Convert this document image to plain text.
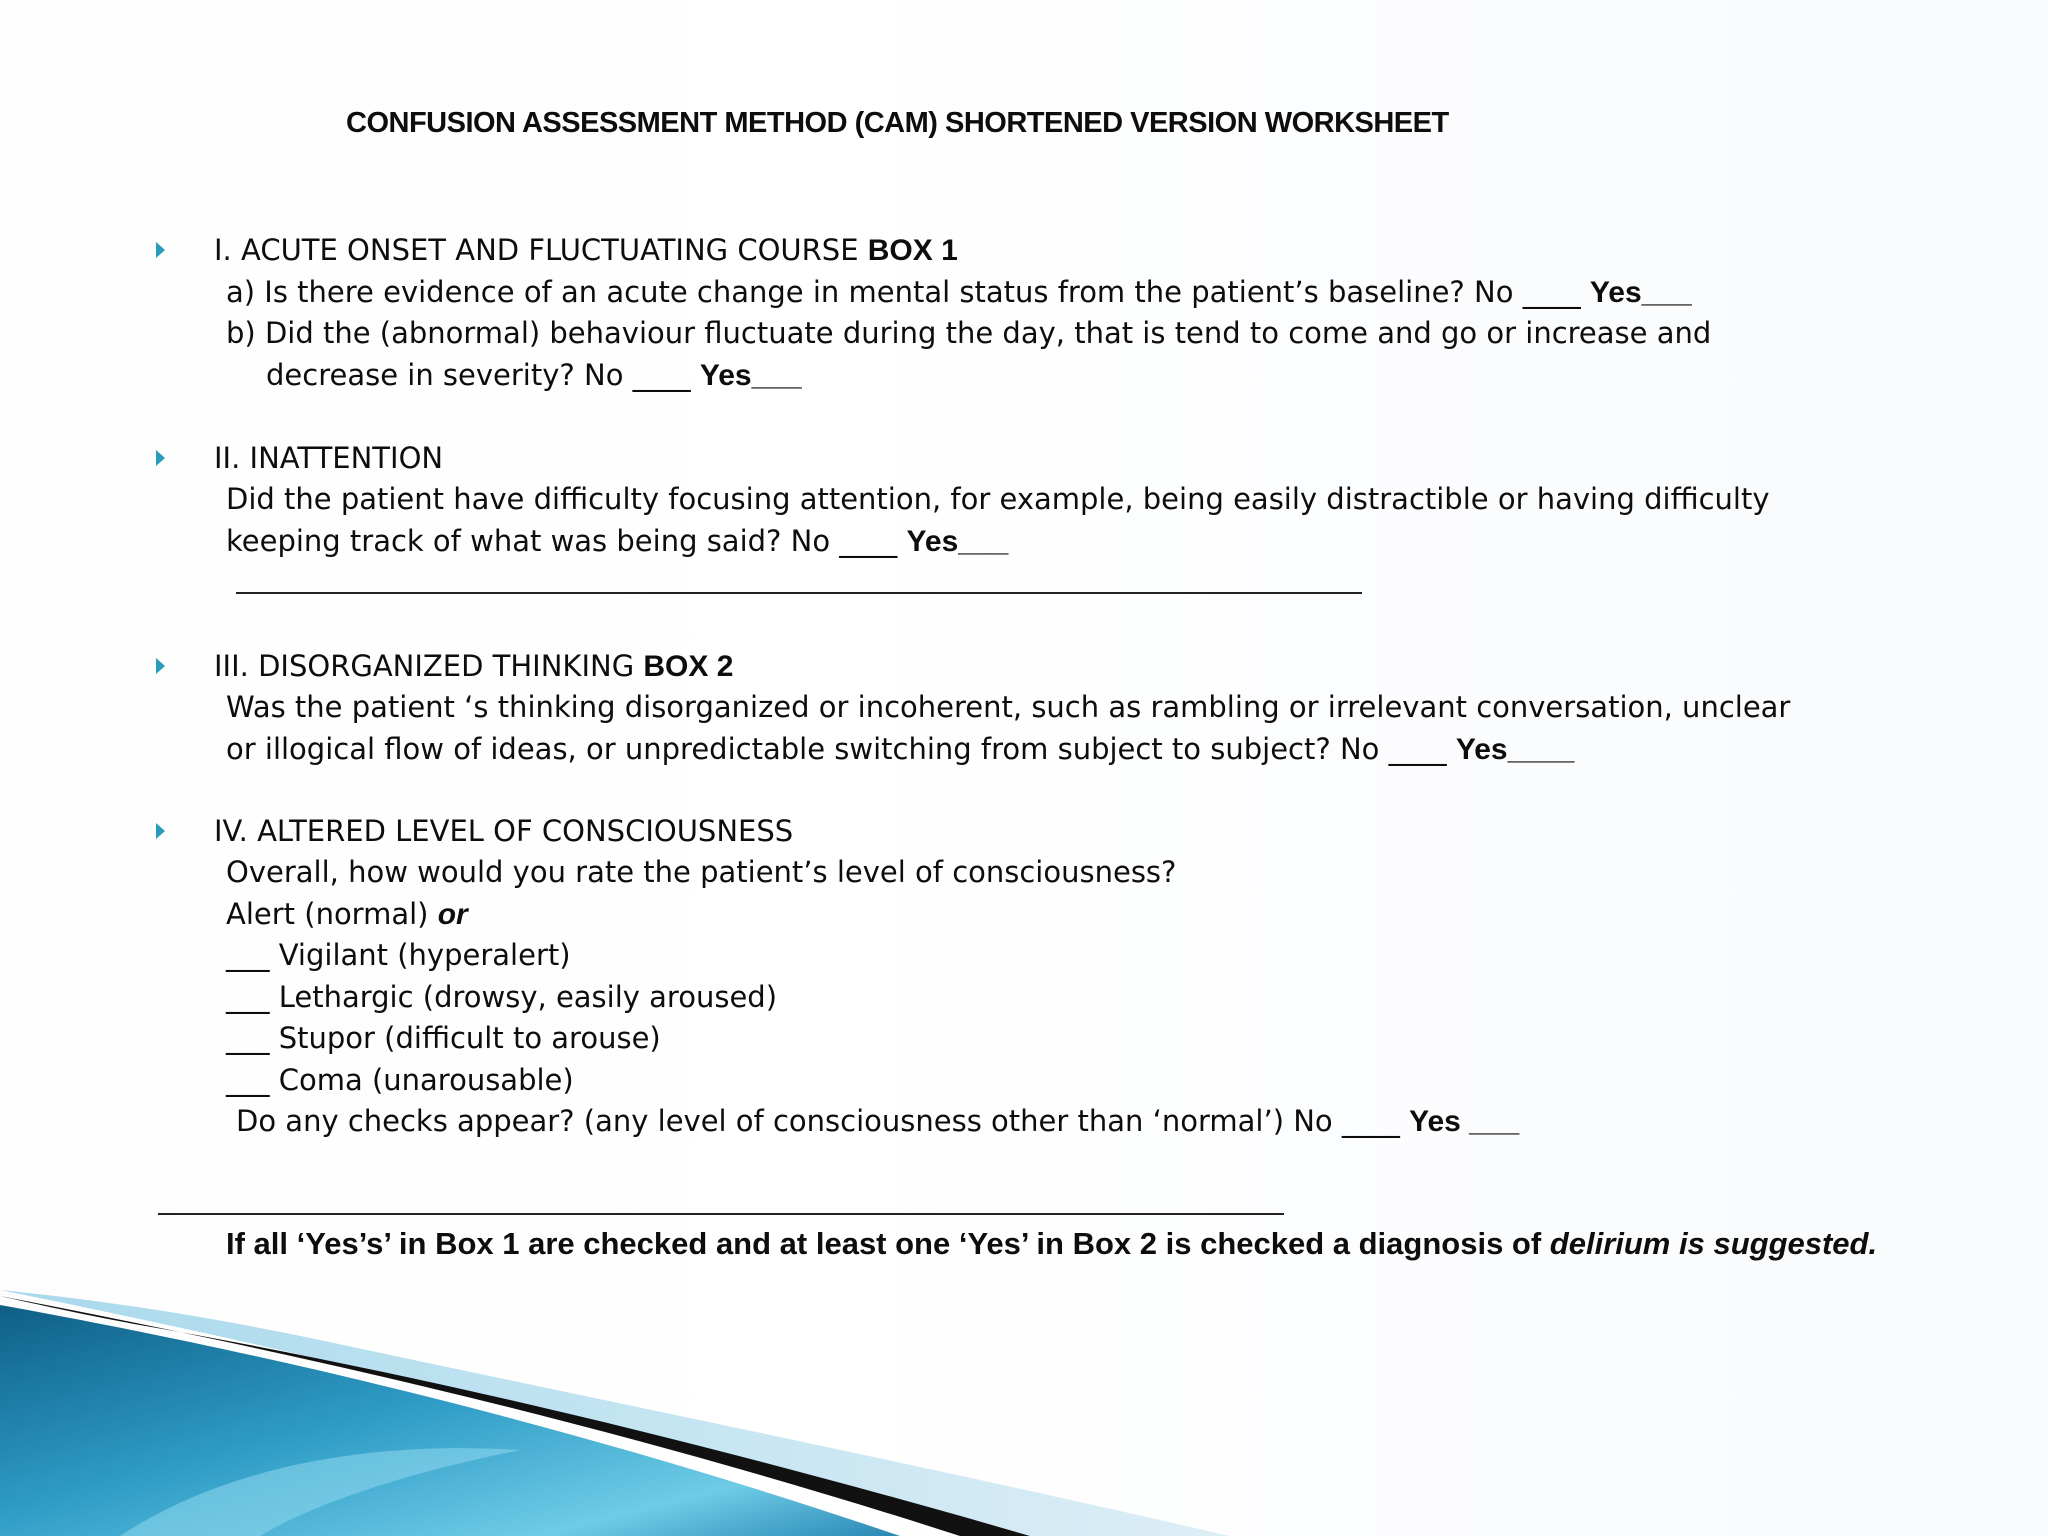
CONFUSION ASSESSMENT METHOD (CAM) SHORTENED VERSION WORKSHEET
I. ACUTE ONSET AND FLUCTUATING COURSE BOX 1
a) Is there evidence of an acute change in mental status from the patient’s baseline? No ____ Yes___
b) Did the (abnormal) behaviour fluctuate during the day, that is tend to come and go or increase and
decrease in severity? No ____ Yes___
II. INATTENTION
Did the patient have difficulty focusing attention, for example, being easily distractible or having difficulty
keeping track of what was being said? No ____ Yes___
III. DISORGANIZED THINKING BOX 2
Was the patient ‘s thinking disorganized or incoherent, such as rambling or irrelevant conversation, unclear
or illogical flow of ideas, or unpredictable switching from subject to subject? No ____ Yes____
IV. ALTERED LEVEL OF CONSCIOUSNESS
Overall, how would you rate the patient’s level of consciousness?
Alert (normal) or
___ Vigilant (hyperalert)
___ Lethargic (drowsy, easily aroused)
___ Stupor (difficult to arouse)
___ Coma (unarousable)
Do any checks appear? (any level of consciousness other than ‘normal’) No ____ Yes ___
If all ‘Yes’s’ in Box 1 are checked and at least one ‘Yes’ in Box 2 is checked a diagnosis of delirium is suggested.
